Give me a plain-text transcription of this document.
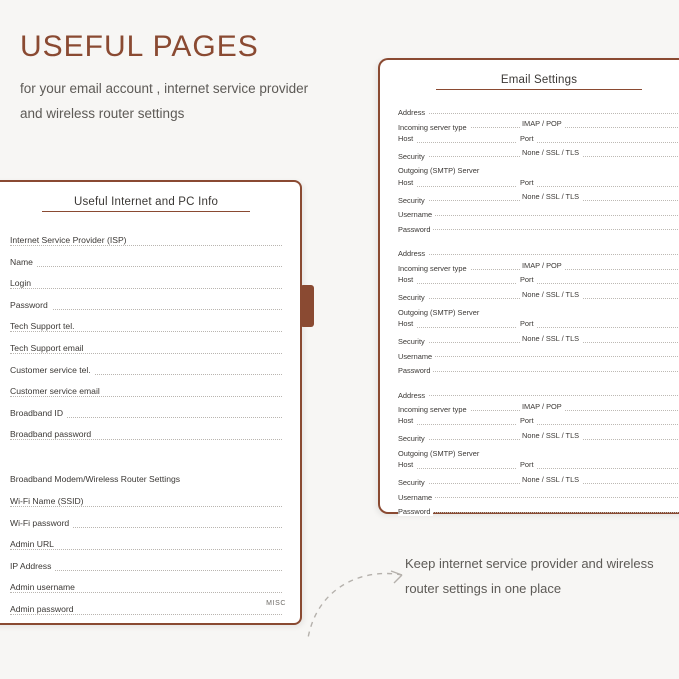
USEFUL PAGES

for your email account , internet service provider and wireless router settings

Useful Internet and PC Info
Internet Service Provider (ISP)
Name
Login
Password
Tech Support tel.
Tech Support email
Customer service tel.
Customer service email
Broadband ID
Broadband password
Broadband Modem/Wireless Router Settings
Wi-Fi Name (SSID)
Wi-Fi password
Admin URL
IP Address
Admin username
Admin password
MISC
Email Settings
Address
Incoming server type	IMAP / POP
Host	Port
Security	None / SSL / TLS
Outgoing (SMTP) Server
Host	Port
Security	None / SSL / TLS
Username
Password
Address
Incoming server type	IMAP / POP
Host	Port
Security	None / SSL / TLS
Outgoing (SMTP) Server
Host	Port
Security	None / SSL / TLS
Username
Password
Address
Incoming server type	IMAP / POP
Host	Port
Security	None / SSL / TLS
Outgoing (SMTP) Server
Host	Port
Security	None / SSL / TLS
Username
Password
Keep internet service provider and wireless router settings in one place
